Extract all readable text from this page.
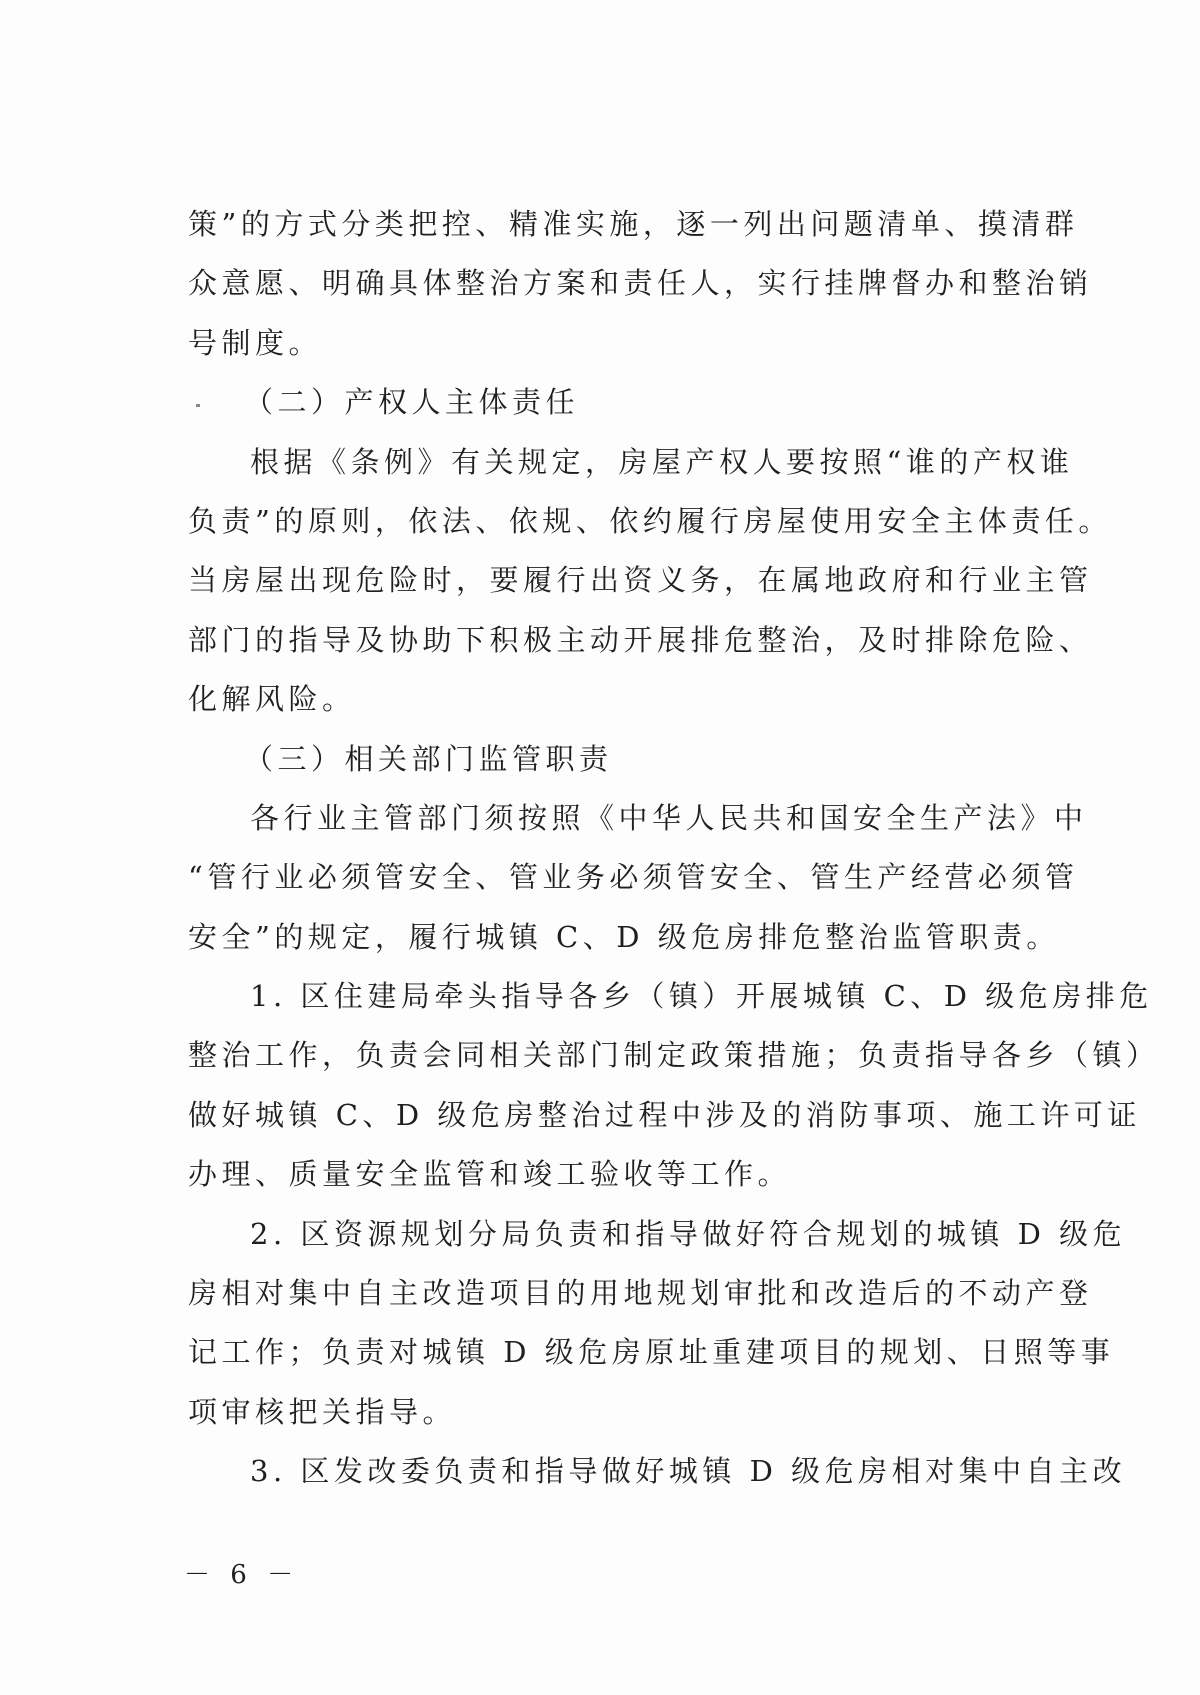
策”的方式分类把控、精准实施，逐一列出问题清单、摸清群
众意愿、明确具体整治方案和责任人，实行挂牌督办和整治销
号制度。
（二）产权人主体责任
根据《条例》有关规定，房屋产权人要按照“谁的产权谁
负责”的原则，依法、依规、依约履行房屋使用安全主体责任。
当房屋出现危险时，要履行出资义务，在属地政府和行业主管
部门的指导及协助下积极主动开展排危整治，及时排除危险、
化解风险。
（三）相关部门监管职责
各行业主管部门须按照《中华人民共和国安全生产法》中
“管行业必须管安全、管业务必须管安全、管生产经营必须管
安全”的规定，履行城镇 C、D 级危房排危整治监管职责。
1. 区住建局牵头指导各乡（镇）开展城镇 C、D 级危房排危
整治工作，负责会同相关部门制定政策措施；负责指导各乡（镇）
做好城镇 C、D 级危房整治过程中涉及的消防事项、施工许可证
办理、质量安全监管和竣工验收等工作。
2. 区资源规划分局负责和指导做好符合规划的城镇 D 级危
房相对集中自主改造项目的用地规划审批和改造后的不动产登
记工作；负责对城镇 D 级危房原址重建项目的规划、日照等事
项审核把关指导。
3. 区发改委负责和指导做好城镇 D 级危房相对集中自主改
－ 6 －
